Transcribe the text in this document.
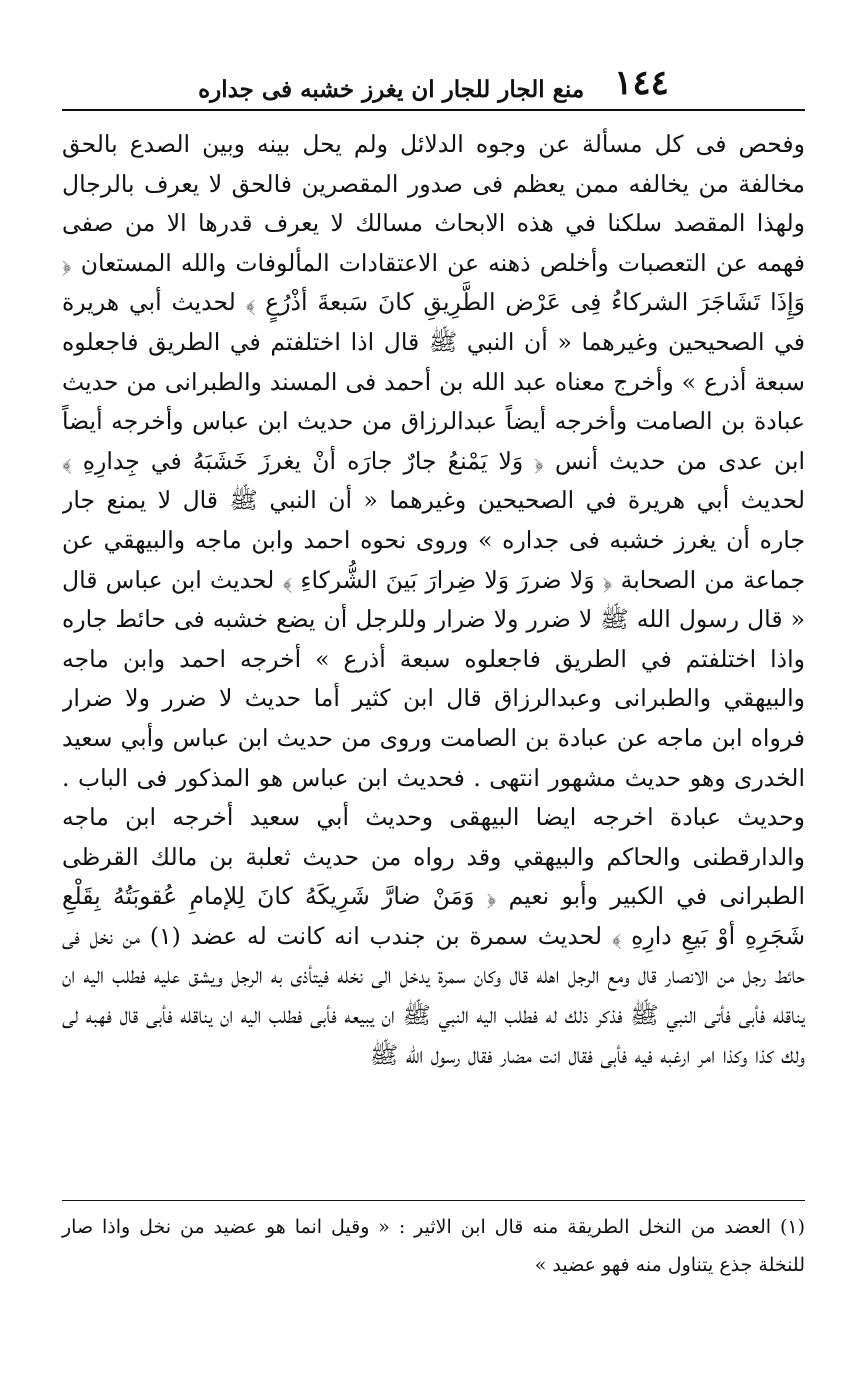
١٤٤
منع الجار للجار ان يغرز خشبه فى جداره

وفحص فى كل مسألة عن وجوه الدلائل ولم يحل بينه وبين الصدع بالحق مخالفة من يخالفه ممن يعظم فى صدور المقصرين فالحق لا يعرف بالرجال ولهذا المقصد سلكنا في هذه الابحاث مسالك لا يعرف قدرها الا من صفى فهمه عن التعصبات وأخلص ذهنه عن الاعتقادات المألوفات والله المستعان ﴿ وَإِذَا تَشَاجَرَ الشركاءُ فِى عَرْض الطَّرِيقِ كانَ سَبعةَ أذْرُعٍ ﴾ لحديث أبي هريرة في الصحيحين وغيرهما « أن النبي ﷺ قال اذا اختلفتم في الطريق فاجعلوه سبعة أذرع » وأخرج معناه عبد الله بن أحمد فى المسند والطبرانى من حديث عبادة بن الصامت وأخرجه أيضاً عبدالرزاق من حديث ابن عباس وأخرجه أيضاً ابن عدى من حديث أنس ﴿ وَلا يَمْنعُ جارٌ جارَه أنْ يغرزَ خَشَبَهُ في جِدارِهِ ﴾ لحديث أبي هريرة في الصحيحين وغيرهما « أن النبي ﷺ قال لا يمنع جار جاره أن يغرز خشبه فى جداره » وروى نحوه احمد وابن ماجه والبيهقي عن جماعة من الصحابة ﴿ وَلا ضررَ وَلا ضِرارَ بَينَ الشُّركاءِ ﴾ لحديث ابن عباس قال « قال رسول الله ﷺ لا ضرر ولا ضرار وللرجل أن يضع خشبه فى حائط جاره واذا اختلفتم في الطريق فاجعلوه سبعة أذرع » أخرجه احمد وابن ماجه والبيهقي والطبرانى وعبدالرزاق قال ابن كثير أما حديث لا ضرر ولا ضرار فرواه ابن ماجه عن عبادة بن الصامت وروى من حديث ابن عباس وأبي سعيد الخدرى وهو حديث مشهور انتهى . فحديث ابن عباس هو المذكور فى الباب . وحديث عبادة اخرجه ايضا البيهقى وحديث أبي سعيد أخرجه ابن ماجه والدارقطنى والحاكم والبيهقي وقد رواه من حديث ثعلبة بن مالك القرظى الطبرانى في الكبير وأبو نعيم ﴿ وَمَنْ ضارَّ شَرِيكَهُ كانَ لِلإمامِ عُقوبَتُهُ بِقَلْعِ شَجَرِهِ أوْ بَيعِ دارِهِ ﴾ لحديث سمرة بن جندب انه كانت له عضد (١) من نخل فى حائط رجل من الانصار قال ومع الرجل اهله قال وكان سمرة يدخل الى نخله فيتأذى به الرجل ويشق عليه فطلب اليه ان يناقله فأبى فأتى النبي ﷺ فذكر ذلك له فطلب اليه النبي ﷺ ان يبيعه فأبى فطلب اليه ان يناقله فأبى قال فهبه لى ولك كذا وكذا امر ارغبه فيه فأبى فقال انت مضار فقال رسول الله ﷺ

(١) العضد من النخل الطريقة منه قال ابن الاثير : « وقيل انما هو عضيد من نخل واذا صار للنخلة جذع يتناول منه فهو عضيد »
